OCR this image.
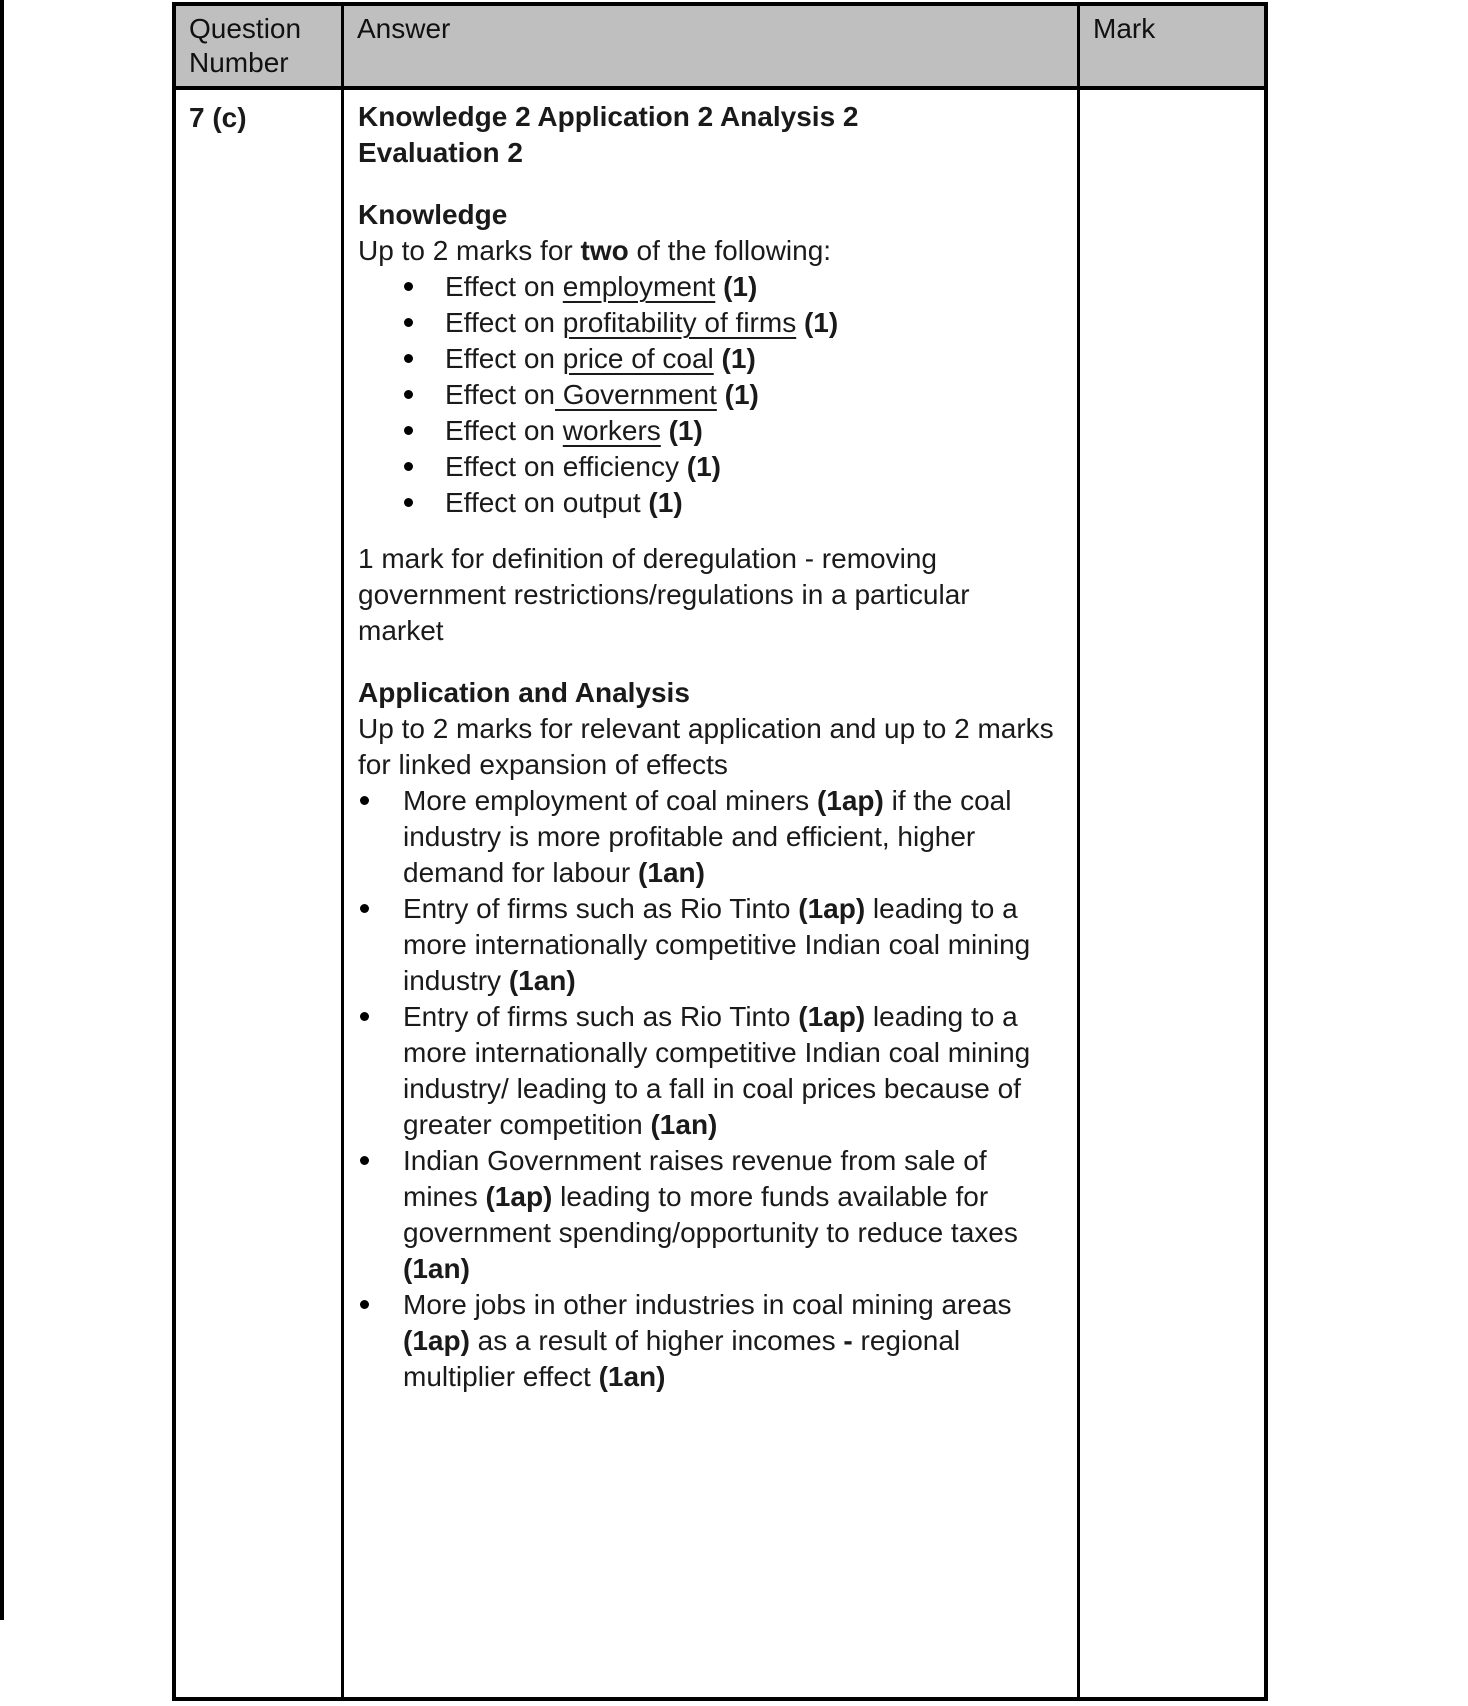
Question Number
Answer	Mark
7 (c)	Knowledge 2 Application 2 Analysis 2
Evaluation 2
Knowledge
Up to 2 marks for two of the following:
Effect on employment (1)
Effect on profitability of firms (1)
Effect on price of coal (1)
Effect on Government (1)
Effect on workers (1)
Effect on efficiency (1)
Effect on output (1)
1 mark for definition of deregulation - removing government restrictions/regulations in a particular market
Application and Analysis
Up to 2 marks for relevant application and up to 2 marks for linked expansion of effects
More employment of coal miners (1ap) if the coal industry is more profitable and efficient, higher demand for labour (1an)
Entry of firms such as Rio Tinto (1ap) leading to a more internationally competitive Indian coal mining industry (1an)
Entry of firms such as Rio Tinto (1ap) leading to a more internationally competitive Indian coal mining industry/ leading to a fall in coal prices because of greater competition (1an)
Indian Government raises revenue from sale of mines (1ap) leading to more funds available for government spending/opportunity to reduce taxes (1an)
More jobs in other industries in coal mining areas (1ap) as a result of higher incomes - regional multiplier effect (1an)
